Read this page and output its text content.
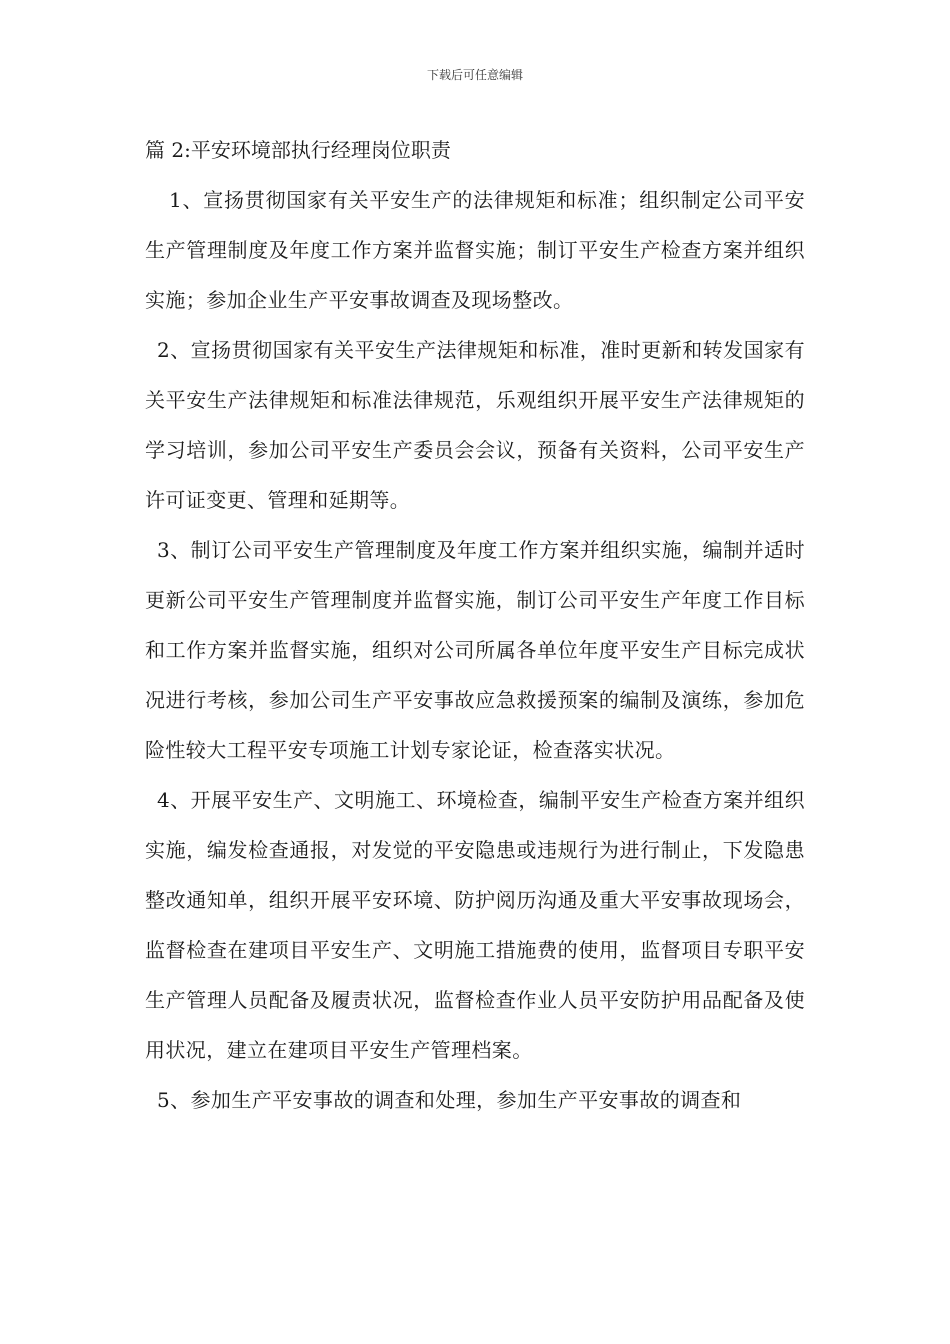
下载后可任意编辑
篇 2:平安环境部执行经理岗位职责

1、宣扬贯彻国家有关平安生产的法律规矩和标准；组织制定公司平安生产管理制度及年度工作方案并监督实施；制订平安生产检查方案并组织实施；参加企业生产平安事故调查及现场整改。

2、宣扬贯彻国家有关平安生产法律规矩和标准，准时更新和转发国家有关平安生产法律规矩和标准法律规范，乐观组织开展平安生产法律规矩的学习培训，参加公司平安生产委员会会议，预备有关资料，公司平安生产许可证变更、管理和延期等。

3、制订公司平安生产管理制度及年度工作方案并组织实施，编制并适时更新公司平安生产管理制度并监督实施，制订公司平安生产年度工作目标和工作方案并监督实施，组织对公司所属各单位年度平安生产目标完成状况进行考核，参加公司生产平安事故应急救援预案的编制及演练，参加危险性较大工程平安专项施工计划专家论证，检查落实状况。

4、开展平安生产、文明施工、环境检查，编制平安生产检查方案并组织实施，编发检查通报，对发觉的平安隐患或违规行为进行制止，下发隐患整改通知单，组织开展平安环境、防护阅历沟通及重大平安事故现场会，监督检查在建项目平安生产、文明施工措施费的使用，监督项目专职平安生产管理人员配备及履责状况，监督检查作业人员平安防护用品配备及使用状况，建立在建项目平安生产管理档案。

5、参加生产平安事故的调查和处理，参加生产平安事故的调查和
